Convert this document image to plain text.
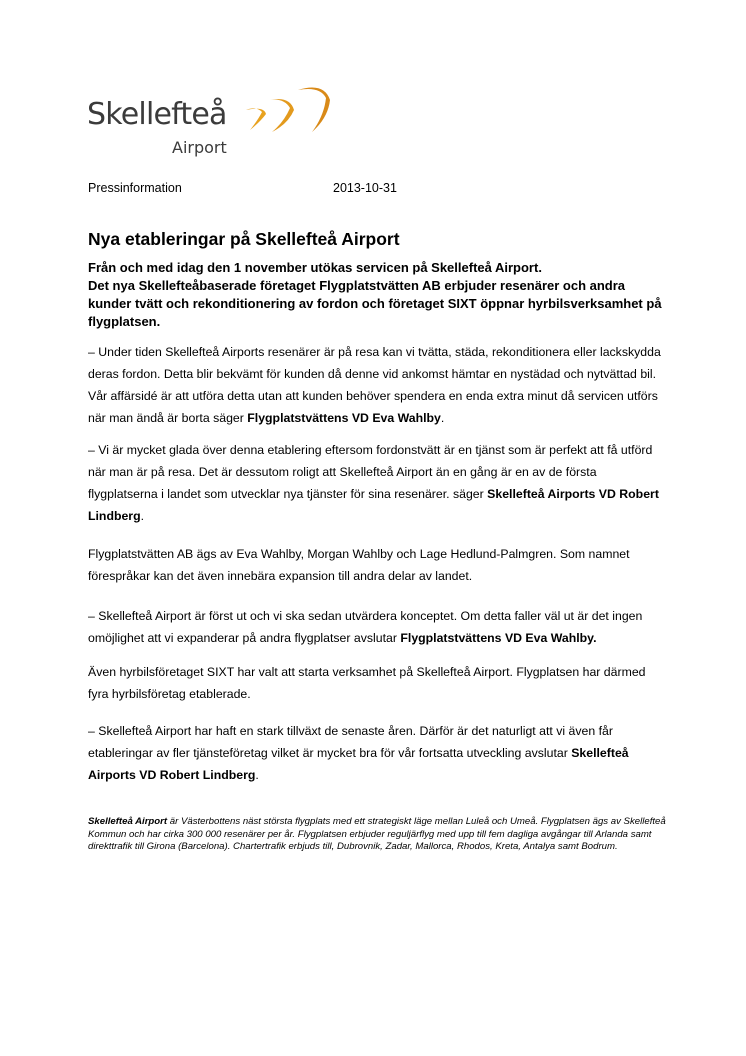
Skellefteå
Airport
Pressinformation	2013-10-31
Nya etableringar på Skellefteå Airport
Från och med idag den 1 november utökas servicen på Skellefteå Airport.
Det nya Skellefteåbaserade företaget Flygplatstvätten AB erbjuder resenärer och andra kunder tvätt och rekonditionering av fordon och företaget SIXT öppnar hyrbilsverksamhet på flygplatsen.

– Under tiden Skellefteå Airports resenärer är på resa kan vi tvätta, städa, rekonditionera eller lackskydda deras fordon. Detta blir bekvämt för kunden då denne vid ankomst hämtar en nystädad och nytvättad bil. Vår affärsidé är att utföra detta utan att kunden behöver spendera en enda extra minut då servicen utförs när man ändå är borta säger Flygplatstvättens VD Eva Wahlby.

– Vi är mycket glada över denna etablering eftersom fordonstvätt är en tjänst som är perfekt att få utförd när man är på resa. Det är dessutom roligt att Skellefteå Airport än en gång är en av de första flygplatserna i landet som utvecklar nya tjänster för sina resenärer. säger Skellefteå Airports VD Robert Lindberg.

Flygplatstvätten AB ägs av Eva Wahlby, Morgan Wahlby och Lage Hedlund-Palmgren. Som namnet förespråkar kan det även innebära expansion till andra delar av landet.

– Skellefteå Airport är först ut och vi ska sedan utvärdera konceptet. Om detta faller väl ut är det ingen omöjlighet att vi expanderar på andra flygplatser avslutar Flygplatstvättens VD Eva Wahlby.

Även hyrbilsföretaget SIXT har valt att starta verksamhet på Skellefteå Airport. Flygplatsen har därmed fyra hyrbilsföretag etablerade.

– Skellefteå Airport har haft en stark tillväxt de senaste åren. Därför är det naturligt att vi även får etableringar av fler tjänsteföretag vilket är mycket bra för vår fortsatta utveckling avslutar Skellefteå Airports VD Robert Lindberg.

Skellefteå Airport är Västerbottens näst största flygplats med ett strategiskt läge mellan Luleå och Umeå. Flygplatsen ägs av Skellefteå Kommun och har cirka 300 000 resenärer per år. Flygplatsen erbjuder reguljärflyg med upp till fem dagliga avgångar till Arlanda samt direkttrafik till Girona (Barcelona). Chartertrafik erbjuds till, Dubrovnik, Zadar, Mallorca, Rhodos, Kreta, Antalya samt Bodrum.
